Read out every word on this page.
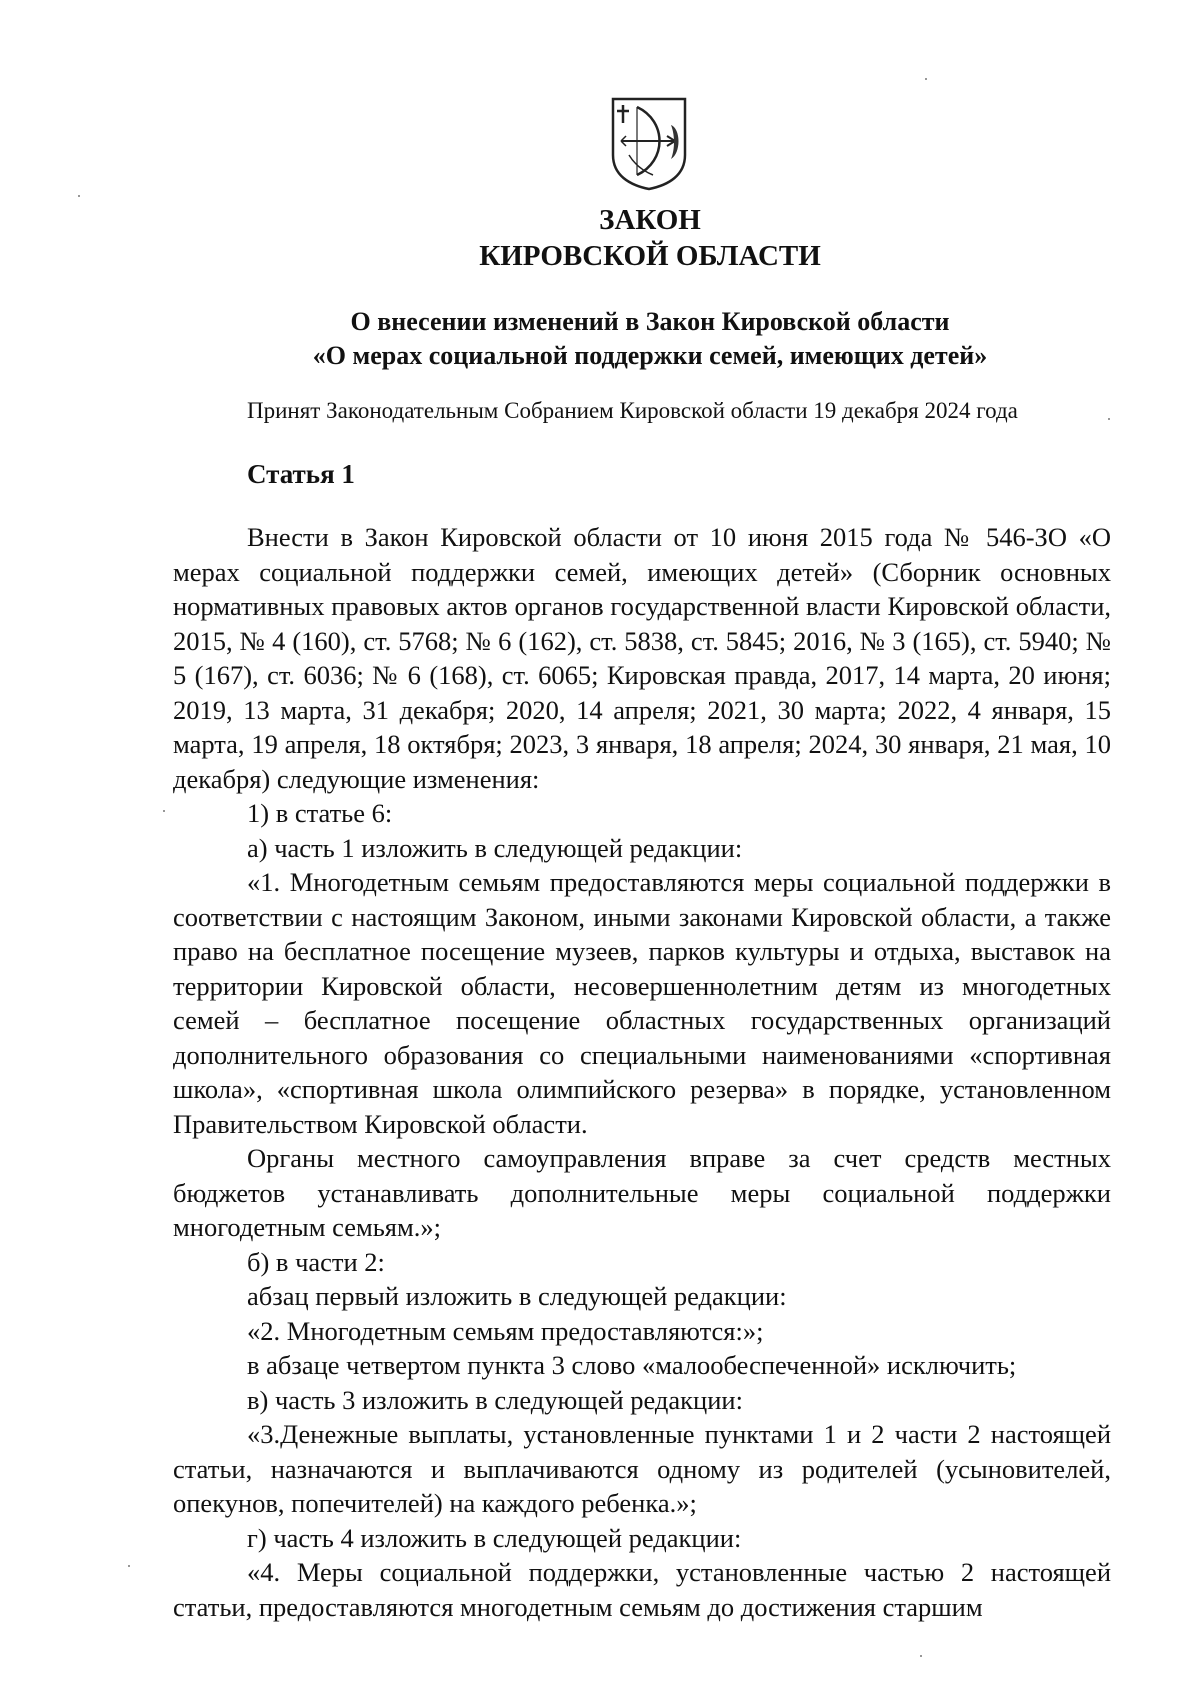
ЗАКОН
КИРОВСКОЙ ОБЛАСТИ
О внесении изменений в Закон Кировской области
«О мерах социальной поддержки семей, имеющих детей»
Принят Законодательным Собранием Кировской области 19 декабря 2024 года
Статья 1

Внести в Закон Кировской области от 10 июня 2015 года № 546-ЗО «О мерах социальной поддержки семей, имеющих детей» (Сборник основных нормативных правовых актов органов государственной власти Кировской области, 2015, № 4 (160), ст. 5768; № 6 (162), ст. 5838, ст. 5845; 2016, № 3 (165), ст. 5940; № 5 (167), ст. 6036; № 6 (168), ст. 6065; Кировская правда, 2017, 14 марта, 20 июня; 2019, 13 марта, 31 декабря; 2020, 14 апреля; 2021, 30 марта; 2022, 4 января, 15 марта, 19 апреля, 18 октября; 2023, 3 января, 18 апреля; 2024, 30 января, 21 мая, 10 декабря) следующие изменения:

1) в статье 6:

а) часть 1 изложить в следующей редакции:

«1. Многодетным семьям предоставляются меры социальной поддержки в соответствии с настоящим Законом, иными законами Кировской области, а также право на бесплатное посещение музеев, парков культуры и отдыха, выставок на территории Кировской области, несовершеннолетним детям из многодетных семей – бесплатное посещение областных государственных организаций дополнительного образования со специальными наименованиями «спортивная школа», «спортивная школа олимпийского резерва» в порядке, установленном Правительством Кировской области.

Органы местного самоуправления вправе за счет средств местных бюджетов устанавливать дополнительные меры социальной поддержки многодетным семьям.»;

б) в части 2:

абзац первый изложить в следующей редакции:

«2. Многодетным семьям предоставляются:»;

в абзаце четвертом пункта 3 слово «малообеспеченной» исключить;

в) часть 3 изложить в следующей редакции:

«3.Денежные выплаты, установленные пунктами 1 и 2 части 2 настоящей статьи, назначаются и выплачиваются одному из родителей (усыновителей, опекунов, попечителей) на каждого ребенка.»;

г) часть 4 изложить в следующей редакции:

«4. Меры социальной поддержки, установленные частью 2 настоящей статьи, предоставляются многодетным семьям до достижения старшим
